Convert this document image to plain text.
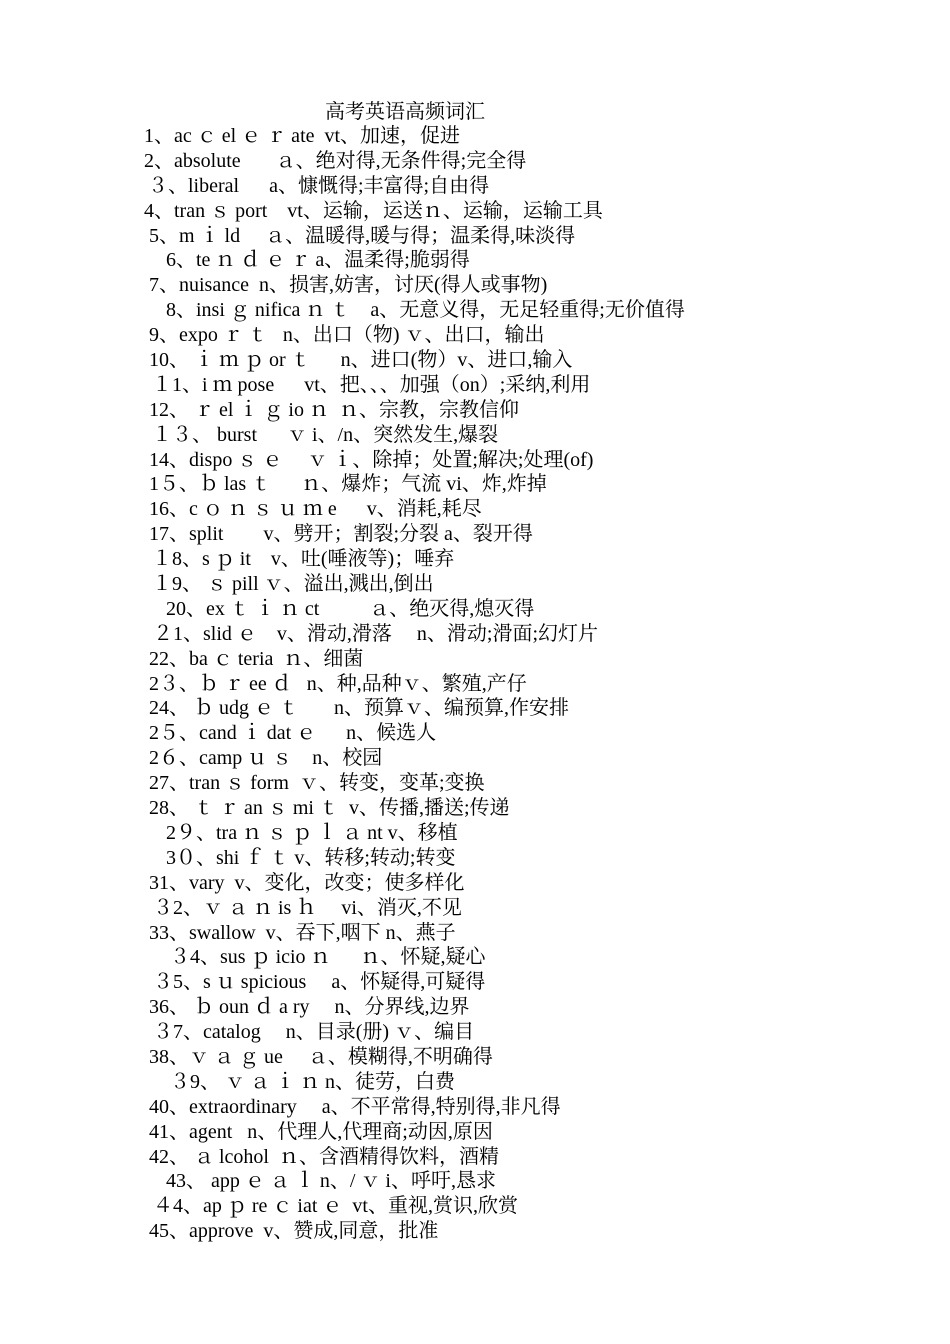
高考英语高频词汇
1、ac ｃ el ｅ ｒ ate  vt、加速，促进
2、absolute       ａ、绝对得,无条件得;完全得
３、liberal      a、慷慨得;丰富得;自由得
4、tran ｓ port    vt、运输，运送ｎ、运输，运输工具
5、m ｉ ld     ａ、温暖得,暖与得；温柔得,味淡得
6、te ｎ ｄ ｅ ｒ a、温柔得;脆弱得
7、nuisance  n、损害,妨害，讨厌(得人或事物)
8、insi ｇ nifica ｎ ｔ    a、无意义得，无足轻重得;无价值得
9、expo ｒ ｔ   n、出口（物) ｖ、出口，输出
10、 ｉ ｍ ｐ or ｔ      n、进口(物）v、进口,输入
１1、i ｍ pose      vt、把、、、加强（on）;采纳,利用
12、 ｒ el ｉ ｇ io ｎ  ｎ、宗教，宗教信仰
１３、 burst      ｖ i、/n、突然发生,爆裂
14、dispo ｓ ｅ     ｖ ｉ、除掉；处置;解决;处理(of)
1５、ｂ las ｔ      ｎ、爆炸；气流 vi、炸,炸掉
16、c ｏ ｎ ｓ ｕ ｍ e      v、消耗,耗尽
17、split        v、劈开；割裂;分裂 a、裂开得
１8、s ｐ it    v、吐(唾液等)；唾弃
１9、 ｓ pill ｖ、溢出,溅出,倒出
20、ex ｔ ｉ ｎ ct          ａ、绝灭得,熄灭得
２1、slid ｅ    v、滑动,滑落     n、滑动;滑面;幻灯片
22、ba ｃ teria  ｎ、细菌
2３、ｂ ｒ ee ｄ   n、种,品种ｖ、繁殖,产仔
24、 ｂ udg ｅ ｔ       n、预算ｖ、编预算,作安排
2５、cand ｉ dat ｅ      n、候选人
2６、camp ｕ ｓ    n、校园
27、tran ｓ form  ｖ、转变，变革;变换
28、 ｔ ｒ an ｓ mi ｔ  v、传播,播送;传递
2９、tra ｎ ｓ ｐ ｌ ａ nt v、移植
3０、shi ｆ ｔ v、转移;转动;转变
31、vary  v、变化，改变；使多样化
３2、ｖ ａ ｎ is ｈ     vi、消灭,不见
33、swallow  v、吞下,咽下 n、燕子
３4、sus ｐ icio ｎ      ｎ、怀疑,疑心
３5、s ｕ spicious     a、怀疑得,可疑得
36、 ｂ oun ｄ a ry     n、分界线,边界
３7、catalog     n、目录(册) ｖ、编目
38、ｖ ａ ｇ ue     ａ、模糊得,不明确得
３9、 ｖ ａ ｉ ｎ n、徒劳，白费
40、extraordinary     a、不平常得,特别得,非凡得
41、agent   n、代理人,代理商;动因,原因
42、 ａ lcohol  ｎ、含酒精得饮料，酒精
43、 app ｅ ａ ｌ n、/ ｖ i、呼吁,恳求
４4、ap ｐ re ｃ iat ｅ  vt、重视,赏识,欣赏
45、approve  v、赞成,同意，批准
